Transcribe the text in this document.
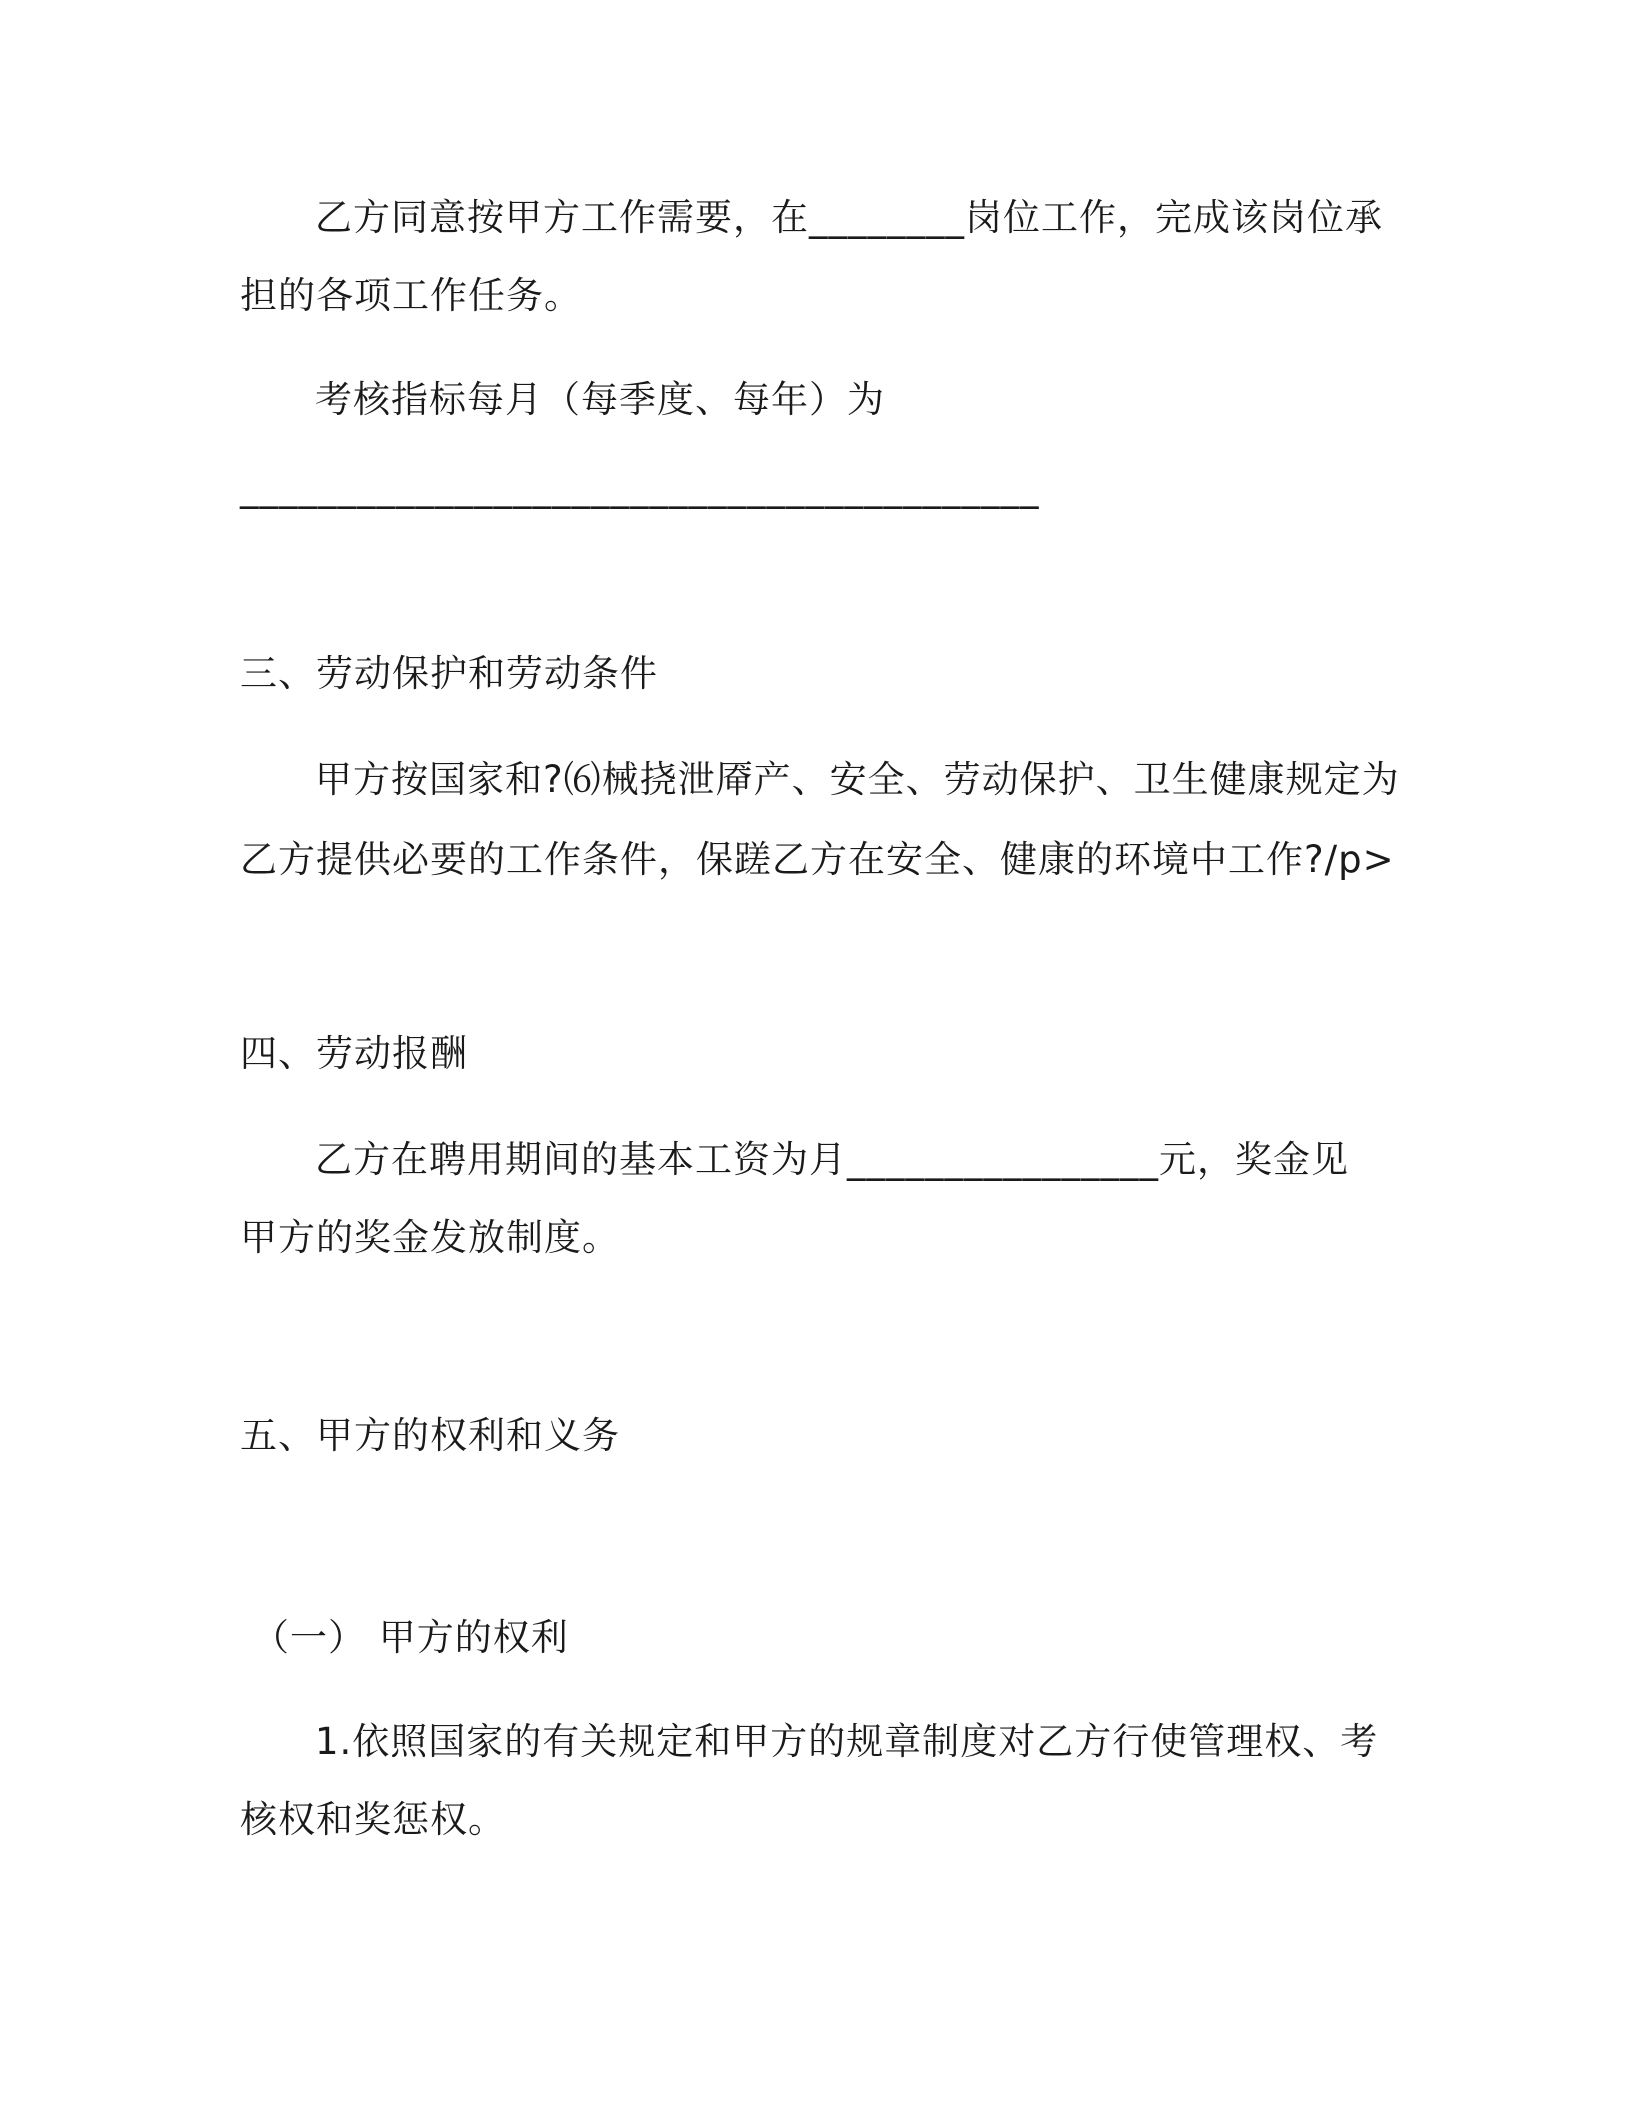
乙方同意按甲方工作需要，在________岗位工作，完成该岗位承
担的各项工作任务。
考核指标每月（每季度、每年）为
_________________________________________
三、劳动保护和劳动条件
甲方按国家和?⑹械挠泄厣产、安全、劳动保护、卫生健康规定为
乙方提供必要的工作条件，保蹉乙方在安全、健康的环境中工作?/p>
四、劳动报酬
乙方在聘用期间的基本工资为月________________元，奖金见
甲方的奖金发放制度。
五、甲方的权利和义务
（一） 甲方的权利
1.依照国家的有关规定和甲方的规章制度对乙方行使管理权、考
核权和奖惩权。
